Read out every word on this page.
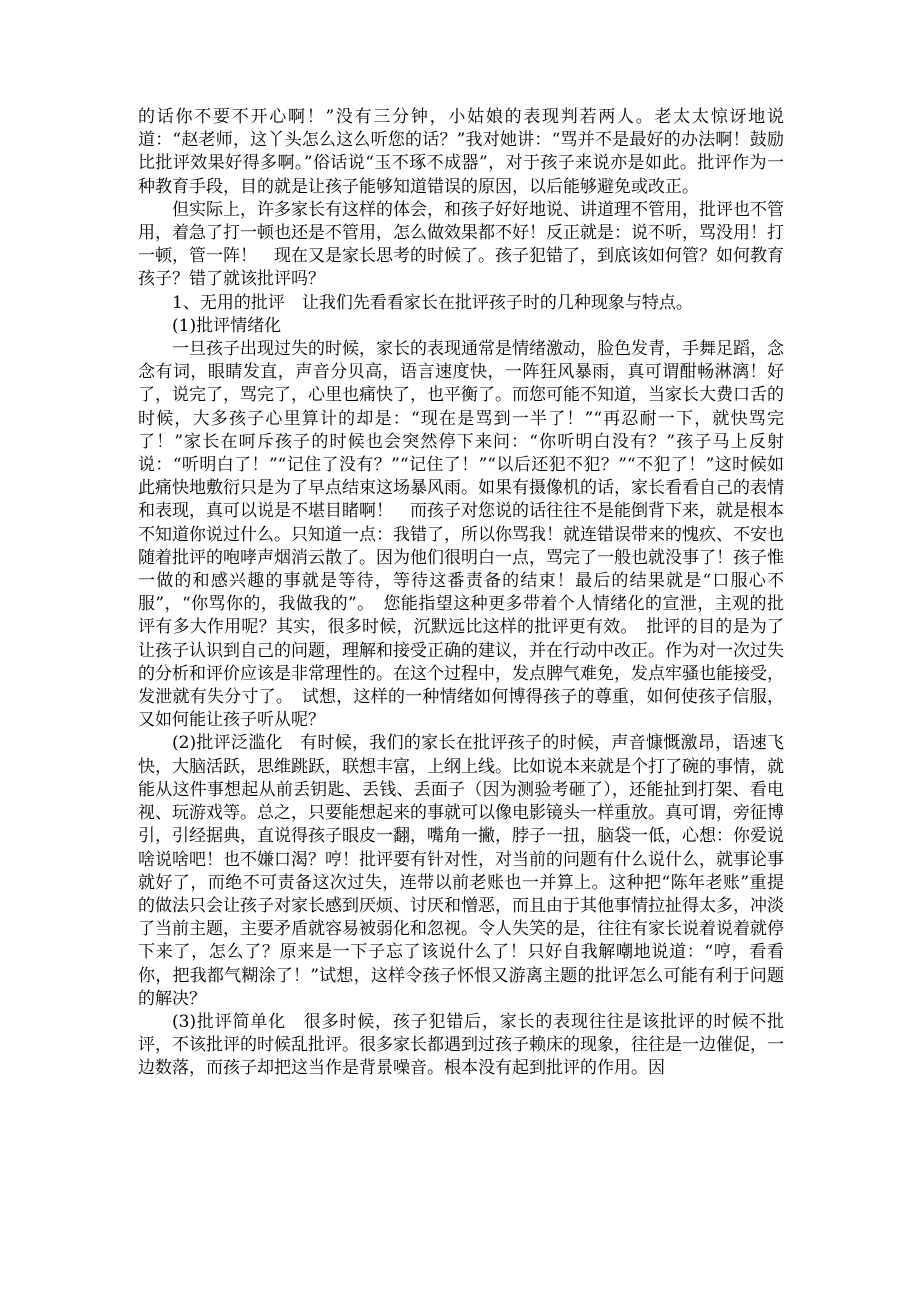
的话你不要不开心啊！”没有三分钟，小姑娘的表现判若两人。老太太惊讶地说道：“赵老师，这丫头怎么这么听您的话？”我对她讲：“骂并不是最好的办法啊！鼓励比批评效果好得多啊。”俗话说“玉不琢不成器”，对于孩子来说亦是如此。批评作为一种教育手段，目的就是让孩子能够知道错误的原因，以后能够避免或改正。

但实际上，许多家长有这样的体会，和孩子好好地说、讲道理不管用，批评也不管用，着急了打一顿也还是不管用，怎么做效果都不好！反正就是：说不听，骂没用！打一顿，管一阵！　现在又是家长思考的时候了。孩子犯错了，到底该如何管？如何教育孩子？错了就该批评吗？

1、无用的批评　让我们先看看家长在批评孩子时的几种现象与特点。

(1)批评情绪化

一旦孩子出现过失的时候，家长的表现通常是情绪激动，脸色发青，手舞足蹈，念念有词，眼睛发直，声音分贝高，语言速度快，一阵狂风暴雨，真可谓酣畅淋漓！好了，说完了，骂完了，心里也痛快了，也平衡了。而您可能不知道，当家长大费口舌的时候，大多孩子心里算计的却是：“现在是骂到一半了！”“再忍耐一下，就快骂完了！”家长在呵斥孩子的时候也会突然停下来问：“你听明白没有？”孩子马上反射说：“听明白了！”“记住了没有？”“记住了！”“以后还犯不犯？”“不犯了！”这时候如此痛快地敷衍只是为了早点结束这场暴风雨。如果有摄像机的话，家长看看自己的表情和表现，真可以说是不堪目睹啊！　而孩子对您说的话往往不是能倒背下来，就是根本不知道你说过什么。只知道一点：我错了，所以你骂我！就连错误带来的愧疚、不安也随着批评的咆哮声烟消云散了。因为他们很明白一点，骂完了一般也就没事了！孩子惟一做的和感兴趣的事就是等待，等待这番责备的结束！最后的结果就是“口服心不服”，“你骂你的，我做我的”。　您能指望这种更多带着个人情绪化的宣泄，主观的批评有多大作用呢？其实，很多时候，沉默远比这样的批评更有效。　批评的目的是为了让孩子认识到自己的问题，理解和接受正确的建议，并在行动中改正。作为对一次过失的分析和评价应该是非常理性的。在这个过程中，发点脾气难免，发点牢骚也能接受，发泄就有失分寸了。　试想，这样的一种情绪如何博得孩子的尊重，如何使孩子信服，又如何能让孩子听从呢？

(2)批评泛滥化　有时候，我们的家长在批评孩子的时候，声音慷慨激昂，语速飞快，大脑活跃，思维跳跃，联想丰富，上纲上线。比如说本来就是个打了碗的事情，就能从这件事想起从前丢钥匙、丢钱、丢面子（因为测验考砸了），还能扯到打架、看电视、玩游戏等。总之，只要能想起来的事就可以像电影镜头一样重放。真可谓，旁征博引，引经据典，直说得孩子眼皮一翻，嘴角一撇，脖子一扭，脑袋一低，心想：你爱说啥说啥吧！也不嫌口渴？哼！批评要有针对性，对当前的问题有什么说什么，就事论事就好了，而绝不可责备这次过失，连带以前老账也一并算上。这种把“陈年老账”重提的做法只会让孩子对家长感到厌烦、讨厌和憎恶，而且由于其他事情拉扯得太多，冲淡了当前主题，主要矛盾就容易被弱化和忽视。令人失笑的是，往往有家长说着说着就停下来了，怎么了？原来是一下子忘了该说什么了！只好自我解嘲地说道：“哼，看看你，把我都气糊涂了！”试想，这样令孩子怀恨又游离主题的批评怎么可能有利于问题的解决？

(3)批评简单化　很多时候，孩子犯错后，家长的表现往往是该批评的时候不批评，不该批评的时候乱批评。很多家长都遇到过孩子赖床的现象，往往是一边催促，一边数落，而孩子却把这当作是背景噪音。根本没有起到批评的作用。因
